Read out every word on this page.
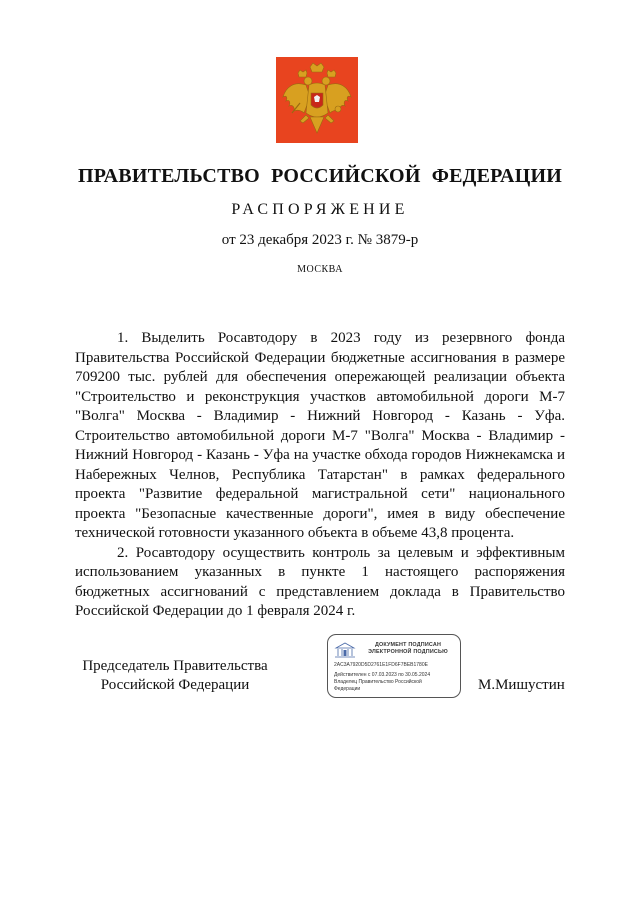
ПРАВИТЕЛЬСТВО РОССИЙСКОЙ ФЕДЕРАЦИИ
РАСПОРЯЖЕНИЕ
от 23 декабря 2023 г. № 3879-р
МОСКВА

1. Выделить Росавтодору в 2023 году из резервного фонда Правительства Российской Федерации бюджетные ассигнования в размере 709200 тыс. рублей для обеспечения опережающей реализации объекта "Строительство и реконструкция участков автомобильной дороги М-7 "Волга" Москва - Владимир - Нижний Новгород - Казань - Уфа. Строительство автомобильной дороги М-7 "Волга" Москва - Владимир - Нижний Новгород - Казань - Уфа на участке обхода городов Нижнекамска и Набережных Челнов, Республика Татарстан" в рамках федерального проекта "Развитие федеральной магистральной сети" национального проекта "Безопасные качественные дороги", имея в виду обеспечение технической готовности указанного объекта в объеме 43,8 процента.

2. Росавтодору осуществить контроль за целевым и эффективным использованием указанных в пункте 1 настоящего распоряжения бюджетных ассигнований с представлением доклада в Правительство Российской Федерации до 1 февраля 2024 г.

Председатель Правительства
Российской Федерации
ДОКУМЕНТ ПОДПИСАН
ЭЛЕКТРОННОЙ ПОДПИСЬЮ
2AC3A7920D5D2761E1FD6F7BEB1780E
Действителен с 07.03.2023 по 30.05.2024
Владелец Правительство Российской
Федерации	М.Мишустин
